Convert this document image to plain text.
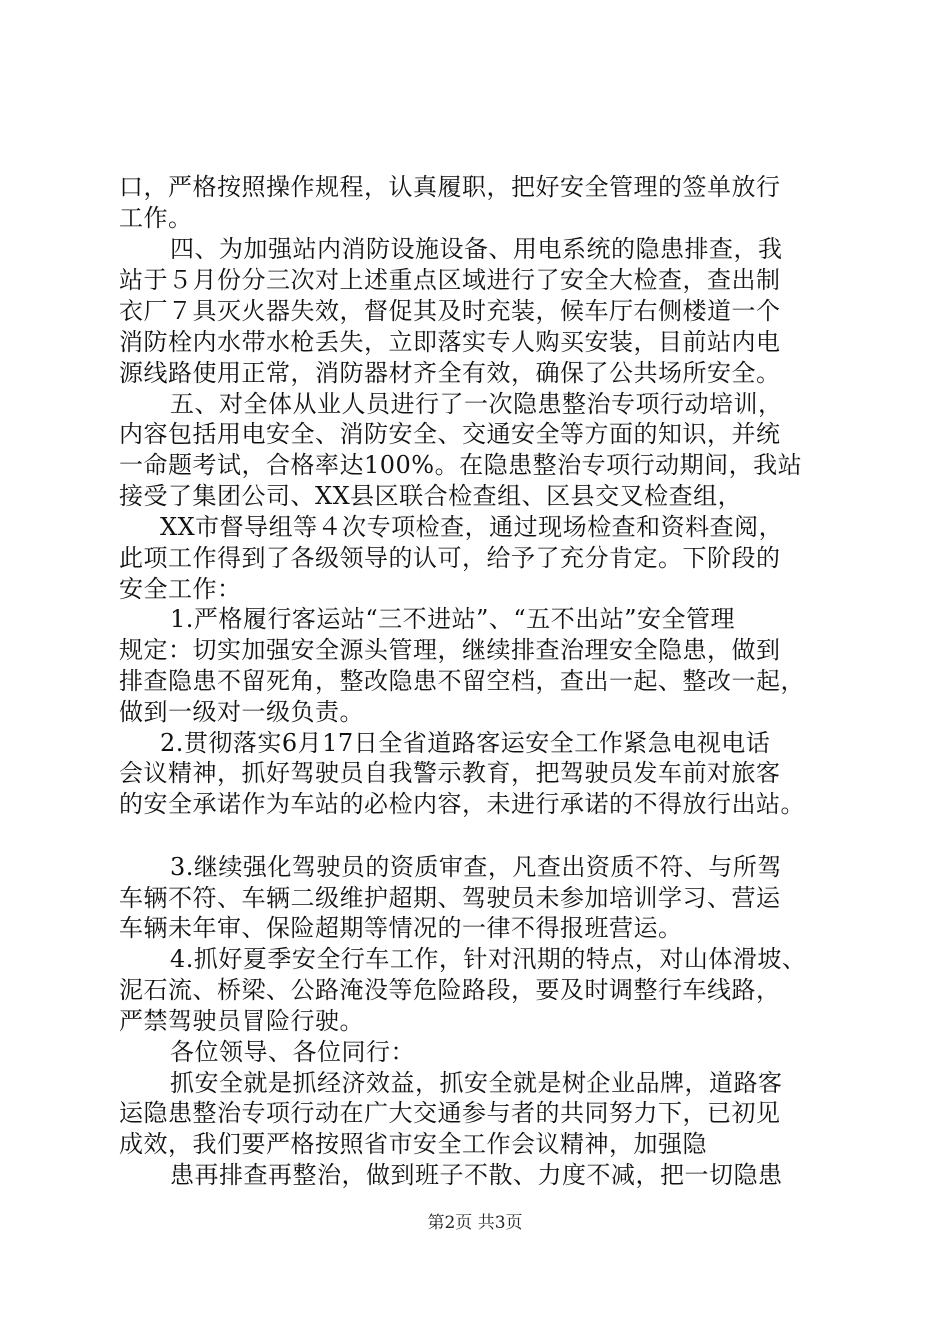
口，严格按照操作规程，认真履职，把好安全管理的签单放行

工作。

四、为加强站内消防设施设备、用电系统的隐患排查，我

站于５月份分三次对上述重点区域进行了安全大检查，查出制

衣厂７具灭火器失效，督促其及时充装，候车厅右侧楼道一个

消防栓内水带水枪丢失，立即落实专人购买安装，目前站内电

源线路使用正常，消防器材齐全有效，确保了公共场所安全。

五、对全体从业人员进行了一次隐患整治专项行动培训，

内容包括用电安全、消防安全、交通安全等方面的知识，并统

一命题考试，合格率达100%。在隐患整治专项行动期间，我站

接受了集团公司、XX县区联合检查组、区县交叉检查组，

XX市督导组等４次专项检查，通过现场检查和资料查阅，

此项工作得到了各级领导的认可，给予了充分肯定。下阶段的

安全工作：

1.严格履行客运站“三不进站”、“五不出站”安全管理

规定：切实加强安全源头管理，继续排查治理安全隐患，做到

排查隐患不留死角，整改隐患不留空档，查出一起、整改一起，

做到一级对一级负责。

2.贯彻落实6月17日全省道路客运安全工作紧急电视电话

会议精神，抓好驾驶员自我警示教育，把驾驶员发车前对旅客

的安全承诺作为车站的必检内容，未进行承诺的不得放行出站。

3.继续强化驾驶员的资质审查，凡查出资质不符、与所驾

车辆不符、车辆二级维护超期、驾驶员未参加培训学习、营运

车辆未年审、保险超期等情况的一律不得报班营运。

4.抓好夏季安全行车工作，针对汛期的特点，对山体滑坡、

泥石流、桥梁、公路淹没等危险路段，要及时调整行车线路，

严禁驾驶员冒险行驶。

各位领导、各位同行：

抓安全就是抓经济效益，抓安全就是树企业品牌，道路客

运隐患整治专项行动在广大交通参与者的共同努力下，已初见

成效，我们要严格按照省市安全工作会议精神，加强隐

患再排查再整治，做到班子不散、力度不减，把一切隐患

第2页 共3页
